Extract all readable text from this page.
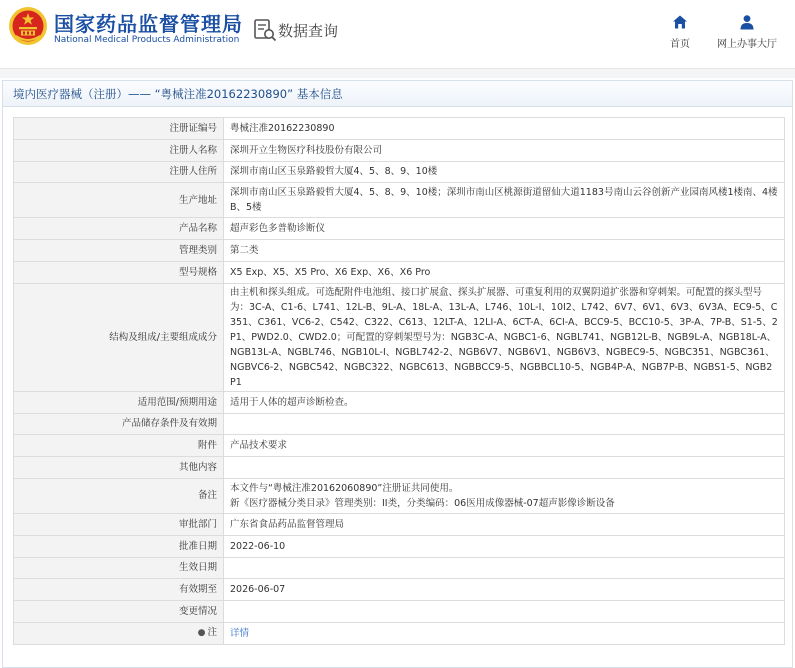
国家药品监督管理局
National Medical Products Administration	数据查询
首页	网上办事大厅
境内医疗器械（注册）—— “粤械注准20162230890” 基本信息
注册证编号	粤械注准20162230890
注册人名称	深圳开立生物医疗科技股份有限公司
注册人住所	深圳市南山区玉泉路毅哲大厦4、5、8、9、10楼
生产地址	深圳市南山区玉泉路毅哲大厦4、5、8、9、10楼；深圳市南山区桃源街道留仙大道1183号南山云谷创新产业园南风楼1楼南、4楼B、5楼
产品名称	超声彩色多普勒诊断仪
管理类别	第二类
型号规格	X5 Exp、X5、X5 Pro、X6 Exp、X6、X6 Pro
结构及组成/主要组成成分	由主机和探头组成。可选配附件电池组、接口扩展盒、探头扩展器、可重复利用的双翼阴道扩张器和穿刺架。可配置的探头型号为：3C-A、C1-6、L741、12L-B、9L-A、18L-A、13L-A、L746、10L-I、10I2、L742、6V7、6V1、6V3、6V3A、EC9-5、C351、C361、VC6-2、C542、C322、C613、12LT-A、12LI-A、6CT-A、6CI-A、BCC9-5、BCC10-5、3P-A、7P-B、S1-5、2P1、PWD2.0、CWD2.0；可配置的穿刺架型号为：NGB3C-A、NGBC1-6、NGBL741、NGB12L-B、NGB9L-A、NGB18L-A、NGB13L-A、NGBL746、NGB10L-I、NGBL742-2、NGB6V7、NGB6V1、NGB6V3、NGBEC9-5、NGBC351、NGBC361、NGBVC6-2、NGBC542、NGBC322、NGBC613、NGBBCC9-5、NGBBCL10-5、NGB4P-A、NGB7P-B、NGBS1-5、NGB2P1
适用范围/预期用途	适用于人体的超声诊断检查。
产品储存条件及有效期	
附件	产品技术要求
其他内容	
备注	本文件与“粤械注准20162060890”注册证共同使用。
新《医疗器械分类目录》管理类别：II类，分类编码：06医用成像器械-07超声影像诊断设备

审批部门	广东省食品药品监督管理局
批准日期	2022-06-10
生效日期	
有效期至	2026-06-07
变更情况	
● 注	详情
